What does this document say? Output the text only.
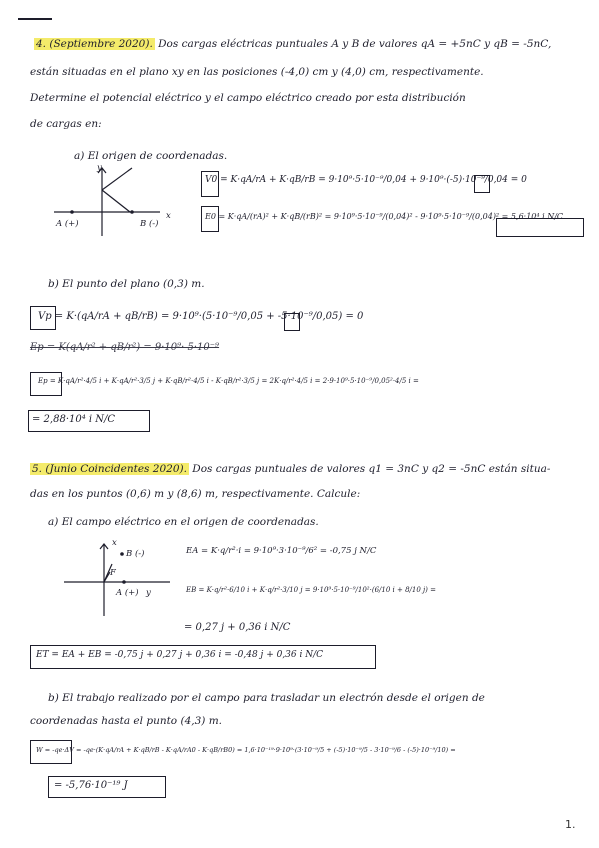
4. (Septiembre 2020). Dos cargas eléctricas puntuales A y B de valores qA = +5nC y qB = -5nC,
están situadas en el plano xy en las posiciones (-4,0) cm y (4,0) cm, respectivamente.
Determine el potencial eléctrico y el campo eléctrico creado por esta distribución
de cargas en:
a) El origen de coordenadas.
y
A (+)	B (-)
x
V0 = K·qA/rA + K·qB/rB = 9·10⁹·5·10⁻⁹/0,04 + 9·10⁹·(-5)·10⁻⁹/0,04 = 0
E0 = K·qA/(rA)² + K·qB/(rB)² = 9·10⁹·5·10⁻⁹/(0,04)² - 9·10⁹·5·10⁻⁹/(0,04)² = 5,6·10⁴ i N/C
b) El punto del plano (0,3) m.
Vp = K·(qA/rA + qB/rB) = 9·10⁹·(5·10⁻⁹/0,05 + -5·10⁻⁹/0,05) = 0
Ep = K(qA/r² + qB/r²) = 9·10⁹· 5·10⁻⁹
Ep = K·qA/r²·4/5 i + K·qA/r²·3/5 j + K·qB/r²·4/5 i - K·qB/r²·3/5 j = 2K·q/r²·4/5 i = 2·9·10⁹·5·10⁻⁹/0,05²·4/5 i =
= 2,88·10⁴ i N/C
5. (Junio Coincidentes 2020). Dos cargas puntuales de valores q1 = 3nC y q2 = -5nC están situa-
das en los puntos (0,6) m y (8,6) m, respectivamente. Calcule:
a) El campo eléctrico en el origen de coordenadas.
x
B (-)
F
A (+) y
EA = K·q/r²·i = 9·10⁹·3·10⁻⁹/6² = -0,75 j N/C
EB = K·q/r²·6/10 i + K·q/r²·3/10 j = 9·10⁹·5·10⁻⁹/10²·(6/10 i + 8/10 j) =
= 0,27 j + 0,36 i N/C
ET = EA + EB = -0,75 j + 0,27 j + 0,36 i = -0,48 j + 0,36 i N/C
b) El trabajo realizado por el campo para trasladar un electrón desde el origen de
coordenadas hasta el punto (4,3) m.
W = -qe·ΔV = -qe·(K·qA/rA + K·qB/rB - K·qA/rA0 - K·qB/rB0) = 1,6·10⁻¹⁹·9·10⁹·(3·10⁻⁹/5 + (-5)·10⁻⁹/5 - 3·10⁻⁹/6 - (-5)·10⁻⁹/10) =
= -5,76·10⁻¹⁹ J
1.
